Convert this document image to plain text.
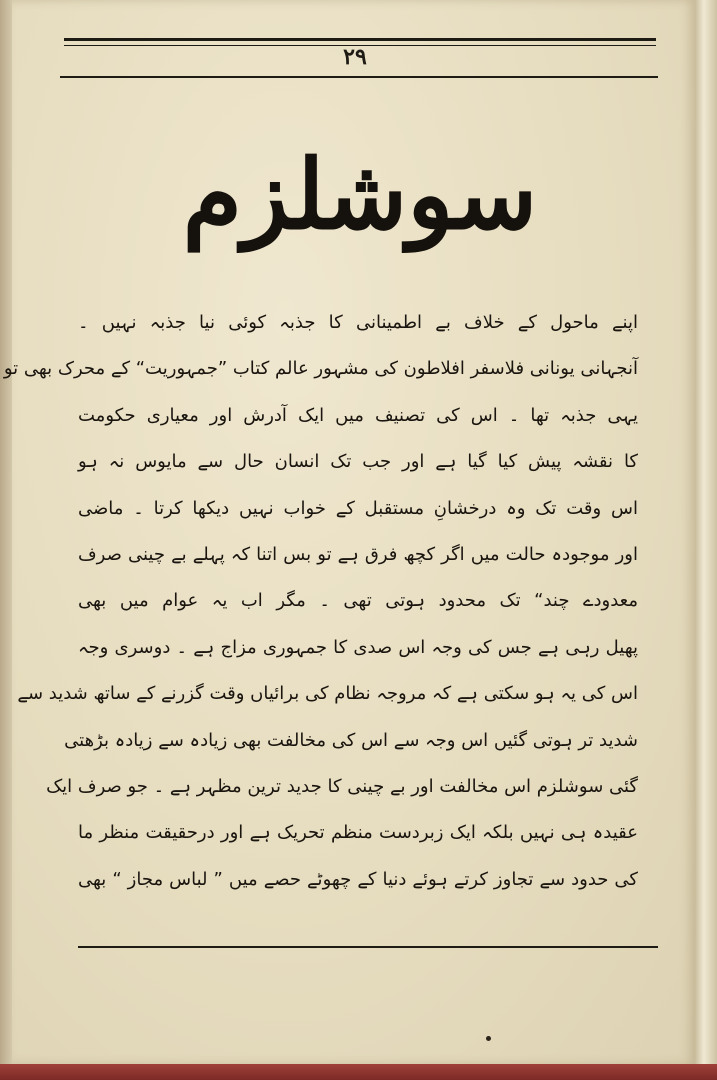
۲۹
سوشلزم
اپنے ماحول کے خلاف بے اطمینانی کا جذبہ کوئی نیا جذبہ نہیں ۔
آنجہانی یونانی فلاسفر افلاطون کی مشہور عالم کتاب ”جمہوریت“ کے محرک بھی تو
یہی جذبہ تھا ۔ اس کی تصنیف میں ایک آدرش اور معیاری حکومت
کا نقشہ پیش کیا گیا ہے اور جب تک انسان حال سے مایوس نہ ہو
اس وقت تک وہ درخشانِ مستقبل کے خواب نہیں دیکھا کرتا ۔ ماضی
اور موجودہ حالت میں اگر کچھ فرق ہے تو بس اتنا کہ پہلے بے چینی صرف
معدودے چند“ تک محدود ہوتی تھی ۔ مگر اب یہ عوام میں بھی
پھیل رہی ہے جس کی وجہ اس صدی کا جمہوری مزاج ہے ۔ دوسری وجہ
اس کی یہ ہو سکتی ہے کہ مروجہ نظام کی برائیاں وقت گزرنے کے ساتھ شدید سے
شدید تر ہوتی گئیں اس وجہ سے اس کی مخالفت بھی زیادہ سے زیادہ بڑھتی
گئی سوشلزم اس مخالفت اور بے چینی کا جدید ترین مظہر ہے ۔ جو صرف ایک
عقیدہ ہی نہیں بلکہ ایک زبردست منظم تحریک ہے اور درحقیقت منظر ما
کی حدود سے تجاوز کرتے ہوئے دنیا کے چھوٹے حصے میں ” لباس مجاز “ بھی
